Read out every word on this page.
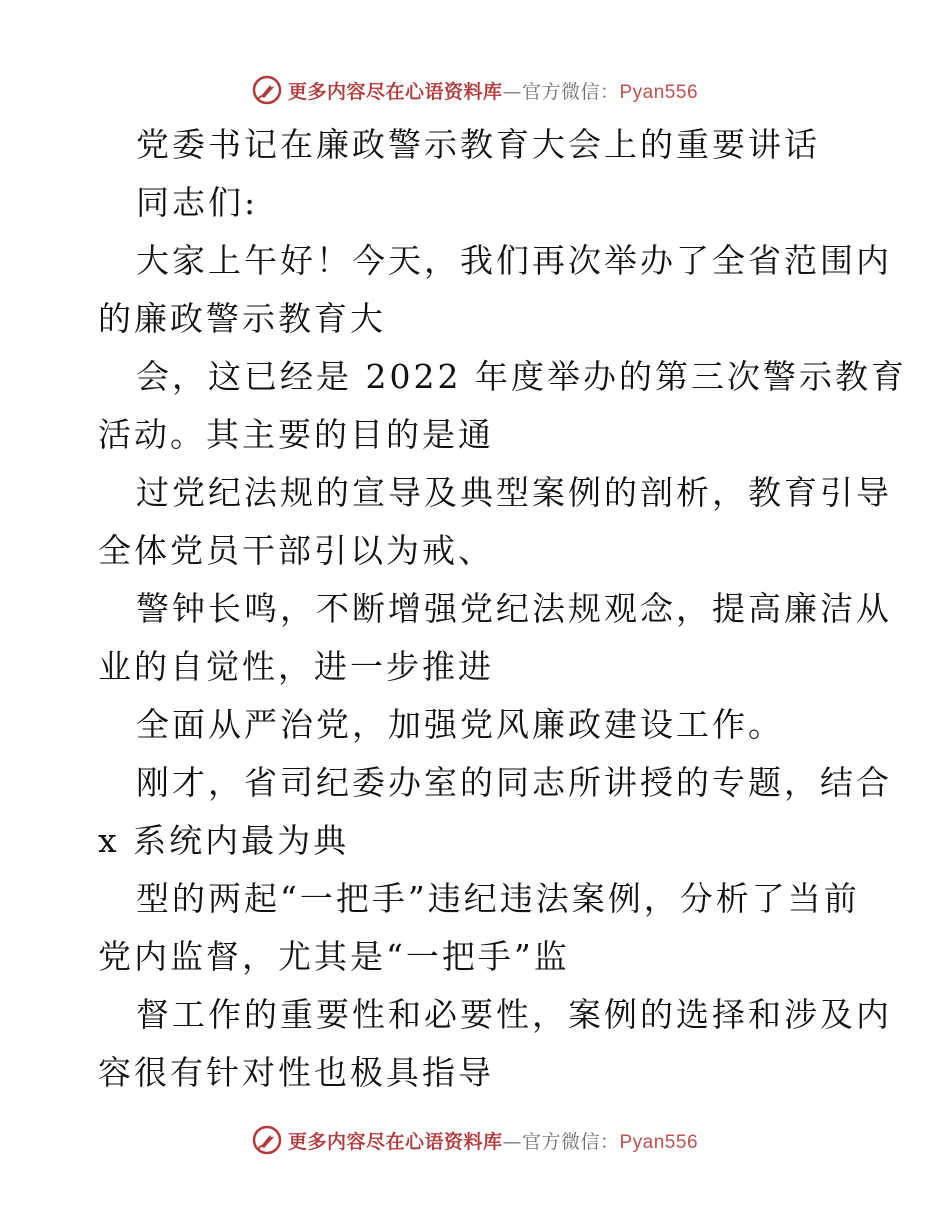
更多内容尽在心语资料库—官方微信：Pyan556
党委书记在廉政警示教育大会上的重要讲话
同志们:
大家上午好！今天，我们再次举办了全省范围内
的廉政警示教育大
会，这已经是 2022 年度举办的第三次警示教育
活动。其主要的目的是通
过党纪法规的宣导及典型案例的剖析，教育引导
全体党员干部引以为戒、
警钟长鸣，不断增强党纪法规观念，提高廉洁从
业的自觉性，进一步推进
全面从严治党，加强党风廉政建设工作。
刚才，省司纪委办室的同志所讲授的专题，结合
x 系统内最为典
型的两起“一把手”违纪违法案例，分析了当前
党内监督，尤其是“一把手”监
督工作的重要性和必要性，案例的选择和涉及内
容很有针对性也极具指导
更多内容尽在心语资料库—官方微信：Pyan556
